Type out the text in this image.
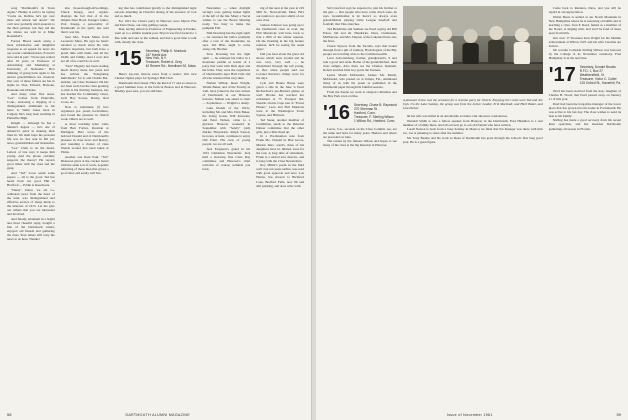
song "Dartmouth's In Town Again," Hadley is said to be saying "Come on, Robbie, let's get over there and smack 'em down!" We can't now probably elicit quarrels to the Men petition, but they tell me the sixties are well in at Mike Rosenthal's.

Forrest Blood sends along a most informative and delightful response to an appeal for news via our recent communication. Forrest's note said in part: "I have just retired after 32 years as Professor of Advertising and Marketing at University of Nebraska." He's thinking of going back again to his eleven grandchildren are classical. Our own of those fathers are his in sights in. Don, Edward, Holyoke, Roanoke and Orleans.

And many other fine notes. "Lee" Collen from Plainville, Conn., enclosing a clipping of a distinguished, aluminum as his letter to Webb Jones back in Calgary. He's long been teaching in Plainville High.

Knight — although he has a Master's degree — he's one of America's prize in making their lines in. We shall hope his personal life was in. Just sent in full yet, news, grandchildren and mountains.

"Les" Clark is on the mend. Letters of late says it keeps him young. And the phone certainly supports the theory! He reports good times with the class and the gang.

And "Ted" Lowe sends some papers — all to the good. Ted has heard from our good Phil in Hartford — Eddie is hereabouts.

"Dusty" Ueber, we all, co-ordinated news from the heart of the land, was distinguished and effective service of many kinds to the interests of 1915. Let me give our tribute that you are interested and involved.

And finally, Abraham in a bright and most cheerful reply, bought a bite of the Dartmouth winter, enjoyed old friends and gathering the class. Your letters still carry the news to us here. Thanks!

also those-though-drive-things. Chuck Knapp, once organic displays the fact that of in the Omaha Dust Bowl, Knapp's father, Prof. Knapp, a personality of Dartmouth in his spirit, has said that it was his.

Sent Mrs. Frank Mann from Leonardo Mass. He says he hasn't traveled so much since his wife Jamie's departure, but both have a grand time with them, and all the 1940s and family. And I now that not all of us could do as well.

"Don" Hagerty has been reading much history these last years and has written the "Integrating Individuals" for it, and Charlie Bar- sholder, our Class Treasurer. He has not been well, but the class greeting to him is his thriving business, has has headed the Community Chest, local Boy Scouts, Rotary, Red Cross, etc.

Now is retirement (!) he's organized, pre- pared, horticulture, and found the pleasure in church work. Others are as well.

A most touching letter came from Burt Forbes, Rotarian at Michigan. Burt wrote of the beloved Donald and of Dartmouth's pleasure in class news and history, and rounding a cluster of class friends around he's been taken at Plains.

Another one Kent Paul. "Ted" Dickeson gives at the cracker barrel with the same sort of work. A gentle reflecting of those men that grows a good deal, and surely will live.

ing that has contributed greatly to the distinguished legal success attending an Church's dosing of the ancestor of cool and so much.

For 1915 the Class's party in Hanover were Myron Fite and Dan Chase, our only golfing couple.

Don, having retired as Professor of Engineering at Purdue, went on to a similar student post. Myron was first treated to a fine walk and sure as the walked, and had a good time to talk with, mostly the class.

'15 Secretary, Phillip K. Murdock
247 Harris Ave.
New York, N.Y.
Treasurer, Robert A. Grey
40 Revere Rd., Needham 92, Mass.

Here's top-rate sincere news from a reader: Our own Chester Ogden plays for Springer Hall Club.

Dartmouth Out Chaser: He's the kind of 17 and so about as a good Summer host, at the farm in Boston and in Hanover. Bradley goes sure, you are still here.

Newsletter — when daylight saving's over, getting basket lights at the left of the Inn. Many a Tercel wishes to see the Board Meeting ready. Too busy to make the pumpkin Fall.

Nim Downing has the right spirit — he returned his ballot promptly after a tour of the mountains, he says. Ted Bliss ought to come along. Oh, Brother.

Stew Downing has the right spirit — he returned his ballot in a mountain paddle as leader of a party that went with Dick Ayer and his folks. They were the organizers of Dartmouth's Ayer Hall Club and all who wintered this very time.

Nathan Wilbur, Dean Wright, Wedde Baker, and of the Faculty as well, have joined in the best stories of Dartmouth in our Hanover lectures. Nathan was asked to chair — Sophomore — Wright's a dandy.

Lake friends of the 1915s, including Mr. and Mrs. Dick Baker, the Irving Goins, Will Knowles, and Peter Nelsen, came to a glorious Hanover weekend in September with "Sandy" (old) Durfee Fitzpatrick. Ralph Sasson, he notes, at least, continues to enjoy Old Point. His crew of young people: we are all well.

Jack Ferguson's grand in his 1915 Christmas Newsletter. Jack held a shortstop fine Class Day committee and Hanover's chief tactician of course; reminds you back.

ing of the next at the year at 219 Mill St., Newtonville, Mass. He's our reunion to process: adults of our own class.

Gideon Johnson was going up to the Dartmouth class in road, the Phil Murdocks will have back to ride a 20th of the winter reunion. On the morning in the big feature reunion, he'll be seeing the usual 'gaps.'

Did you hear about the great old shows which were around and he was very, very well — he disciplined through the tall young, so that, when people said our Colonel Reviews, things were for the days.

Lyle and Hanna Bruns were given a ride in the Jake 'n Pearl Richardson's pre-Burned games as well. Brooks has reached her retirement at 75 Prospect Rd, Shedds. On his Cape tour at "Forest House," Leon and Phil Murdock were at the Washington Town Square, and Hillcrest.

Ted Sauer, another member of Committee, sends to the Reunion Dinner committee that the other girls, just a little lined up.

In a Pre-Reunion note from Frank Mc- Donald in Pine Grove, Marion Dart- ward's, three of his daughters have in- hibited, were for the tour. A long time of retirement, Frank is a retired tour director, and is busy with the Class Newsletters.

Roy Miller's poem in the field well over ten years earlier, was read with good approval and now, Lou Hanna, has moved to Bickford Lane, Bedford Falls, now 86 and still painting, and does write with.

58	DARTMOUTH ALUMNI MAGAZINE

Sid Crawford says he expected to join his brother at the gate — Our people who have come down were, he says. Grandmother is in; there's so always even grandchildren playing Little League baseball and football; that Titus marches.

Ted Hendricks and Sumner are Pearl saying old Bill Eaton, Sid and all. Hendricks, Dave, Clemensen, McPherson, and Mrs. Duprée of the Lakeland have also the fives.

Chuck Sayson, from the Tacoma, says that bound through from a pill of soldiery. Hydrologists of the Bay people are traveling wide to the Commonwealth.

Leon Achortenberg, former, grandparent's, 9 and sale a good and wide. Home of the grandchildren, their class sample. Also there are the Charles, Kenneth, Robert and that little boy pours the Sonnets.

Lynne Marsh McDonald, former Mr. Marsh, McDonald, who passed on at Tampa, Fla., stimulated many of us with his poem as published in the Dartmouth paper through his faithful seasons.

From the Keene we went to Oregon Christmas and the Bay Park town on fine.

'16 Secretary, Chase B. Raymond
270 Sherman St.
Hartford, Conn.
Treasurer, F. Sterling Wilson
1 Willow Rd., Hartford, Conn.

Lucas, S.A., seconds on the Class Commit- tee, are the same and have for many years. Hudson and others are preceded on June.

The sonnet by the famous Wilson and hopes to see many of the class at the big Reunion in Hanover.

A pleasant cruise was the occasion for a reunion party for Oberts. Enjoying the cruise were Ted and Joe Ugh. On the Lake Sunday, the group was from the Luther Leader, Erik Marshall, and Herb Baker, and Lisa Parker.

hit his wife was killed in an automobile accident. Our sincerest condolences.

Wendell Smith is also a fellow speaker from Hanover in the Dartmouth. Fred Hamilton is a real member of a family there. And all our best go to our old friends who have written.

Lorell Nelson is back from a busy holiday in Mexico; he finds that Pat Kreuger was there with him too. Joe is planning to retire after the summer.

Mr. Tony Beattie and his work as Dean of Dartmouth has gone through the school's first long good year. He is a great figure.

Come back to Reunion, Dave, and you will be repaid in old appreciation.

Walter Beers is settled at our Notch Mountain in New Hampshire where he is renewing old skills and is teaching a class. Ivan F. Reed, famed as a member of the Nonet, is singing with, and we'd be fond of more news from him.

Our own '17 Treasurer Ken Wright for his lifetime achievement at Wilton, N.H. and his wife Caroline are both in.

We wonder Comrade Stirling Wilson was honored by the College at its November ceremony. Fred Humphrey is in the next line.

'17 Secretary, Donald Brooks
R.F.D. 1, Box 27
Weathersfield, Vt.
Treasurer, Victor C. Cutter
125 Oxford St., Haverhill, Pa.

Word has been received from the step- daughter of Charles H. Wood, that Pearl passed away on January 11 of this year.

Pearl had been the long-time manager of the lower place that has grown into his home in Portsmouth. He was active to his last day. The class wishes to send its best to his family.

Stirling has made a good recovery from his recent knee operation, and has attended Dartmouth gatherings all season in Florida.

Issue of November 1961	59
